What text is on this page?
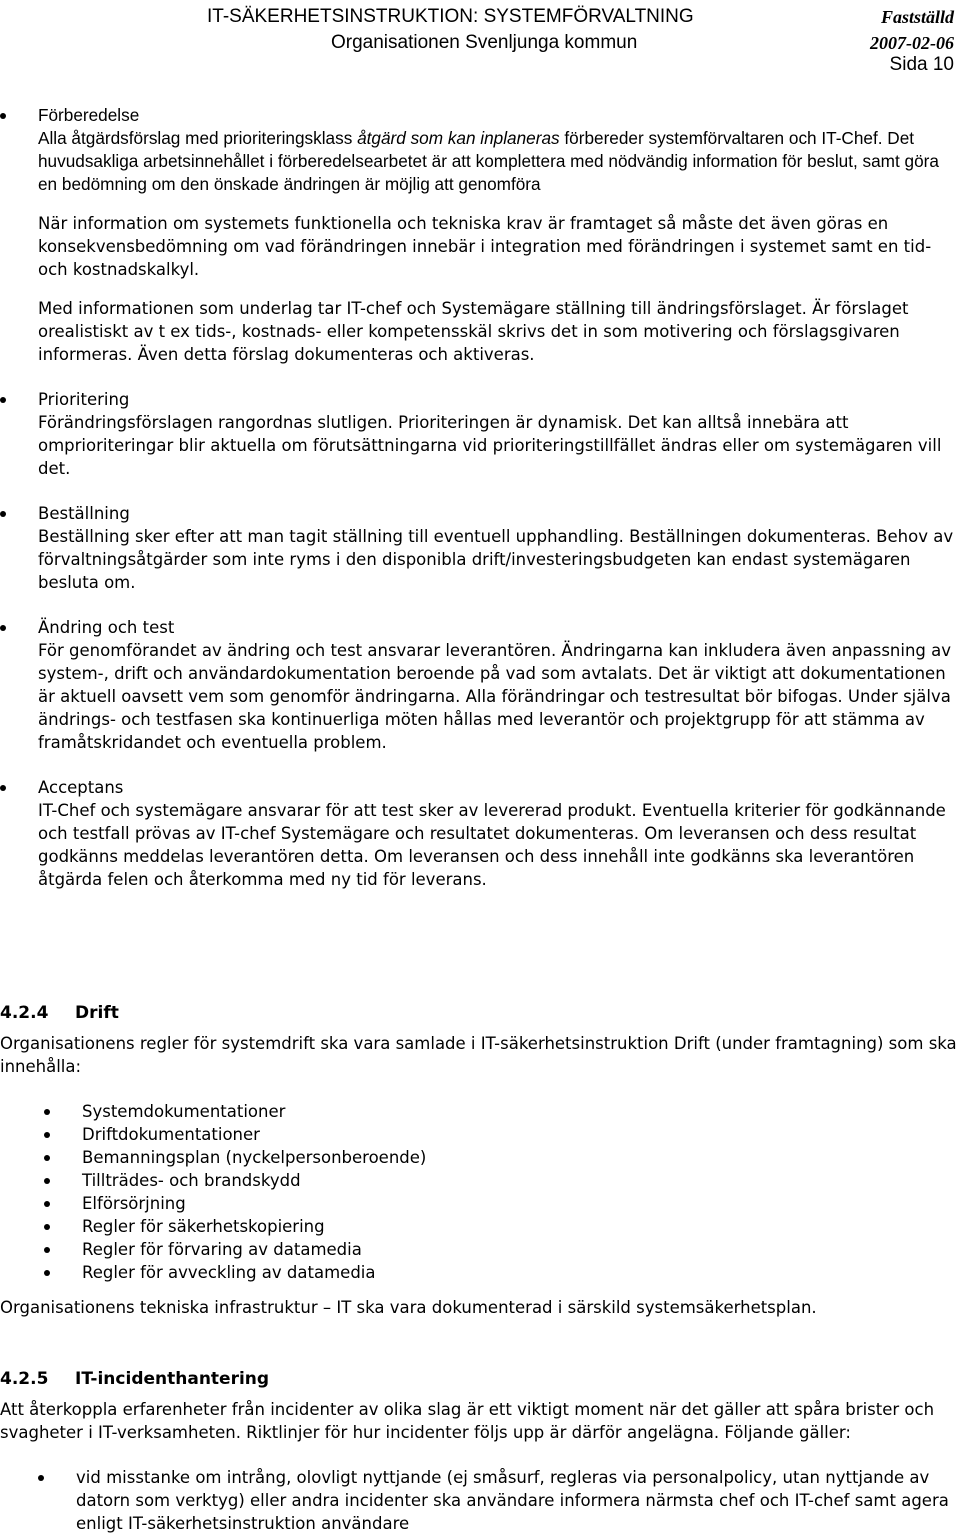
IT-SÄKERHETSINSTRUKTION: SYSTEMFÖRVALTNING
Organisationen Svenljunga kommun
Fastställd
2007-02-06
Sida 10

Förberedelse
Alla åtgärdsförslag med prioriteringsklass åtgärd som kan inplaneras förbereder systemförvaltaren och IT-Chef. Det huvudsakliga arbetsinnehållet i förberedelsearbetet är att komplettera med nödvändig information för beslut, samt göra en bedömning om den önskade ändringen är möjlig att genomföra

När information om systemets funktionella och tekniska krav är framtaget så måste det även göras en konsekvensbedömning om vad förändringen innebär i integration med förändringen i systemet samt en tid- och kostnadskalkyl.

Med informationen som underlag tar IT-chef och Systemägare ställning till ändringsförslaget. Är förslaget orealistiskt av t ex tids-, kostnads- eller kompetensskäl skrivs det in som motivering och förslagsgivaren informeras. Även detta förslag dokumenteras och aktiveras.

Prioritering
Förändringsförslagen rangordnas slutligen. Prioriteringen är dynamisk. Det kan alltså innebära att omprioriteringar blir aktuella om förutsättningarna vid prioriteringstillfället ändras eller om systemägaren vill det.

Beställning
Beställning sker efter att man tagit ställning till eventuell upphandling. Beställningen dokumenteras. Behov av förvaltningsåtgärder som inte ryms i den disponibla drift/investeringsbudgeten kan endast systemägaren besluta om.

Ändring och test
För genomförandet av ändring och test ansvarar leverantören. Ändringarna kan inkludera även anpassning av system-, drift och användardokumentation beroende på vad som avtalats. Det är viktigt att dokumentationen är aktuell oavsett vem som genomför ändringarna. Alla förändringar och testresultat bör bifogas. Under själva ändrings- och testfasen ska kontinuerliga möten hållas med leverantör och projektgrupp för att stämma av framåtskridandet och eventuella problem.

Acceptans
IT-Chef och systemägare ansvarar för att test sker av levererad produkt. Eventuella kriterier för godkännande och testfall prövas av IT-chef Systemägare och resultatet dokumenteras. Om leveransen och dess resultat godkänns meddelas leverantören detta. Om leveransen och dess innehåll inte godkänns ska leverantören åtgärda felen och återkomma med ny tid för leverans.

4.2.4 Drift

Organisationens regler för systemdrift ska vara samlade i IT-säkerhetsinstruktion Drift (under framtagning) som ska innehålla:

Systemdokumentationer
Driftdokumentationer
Bemanningsplan (nyckelpersonberoende)
Tillträdes- och brandskydd
Elförsörjning
Regler för säkerhetskopiering
Regler för förvaring av datamedia
Regler för avveckling av datamedia

Organisationens tekniska infrastruktur – IT ska vara dokumenterad i särskild systemsäkerhetsplan.

4.2.5 IT-incidenthantering

Att återkoppla erfarenheter från incidenter av olika slag är ett viktigt moment när det gäller att spåra brister och svagheter i IT-verksamheten. Riktlinjer för hur incidenter följs upp är därför angelägna. Följande gäller:

vid misstanke om intrång, olovligt nyttjande (ej småsurf, regleras via personalpolicy, utan nyttjande av datorn som verktyg) eller andra incidenter ska användare informera närmsta chef och IT-chef samt agera enligt IT-säkerhetsinstruktion användare
